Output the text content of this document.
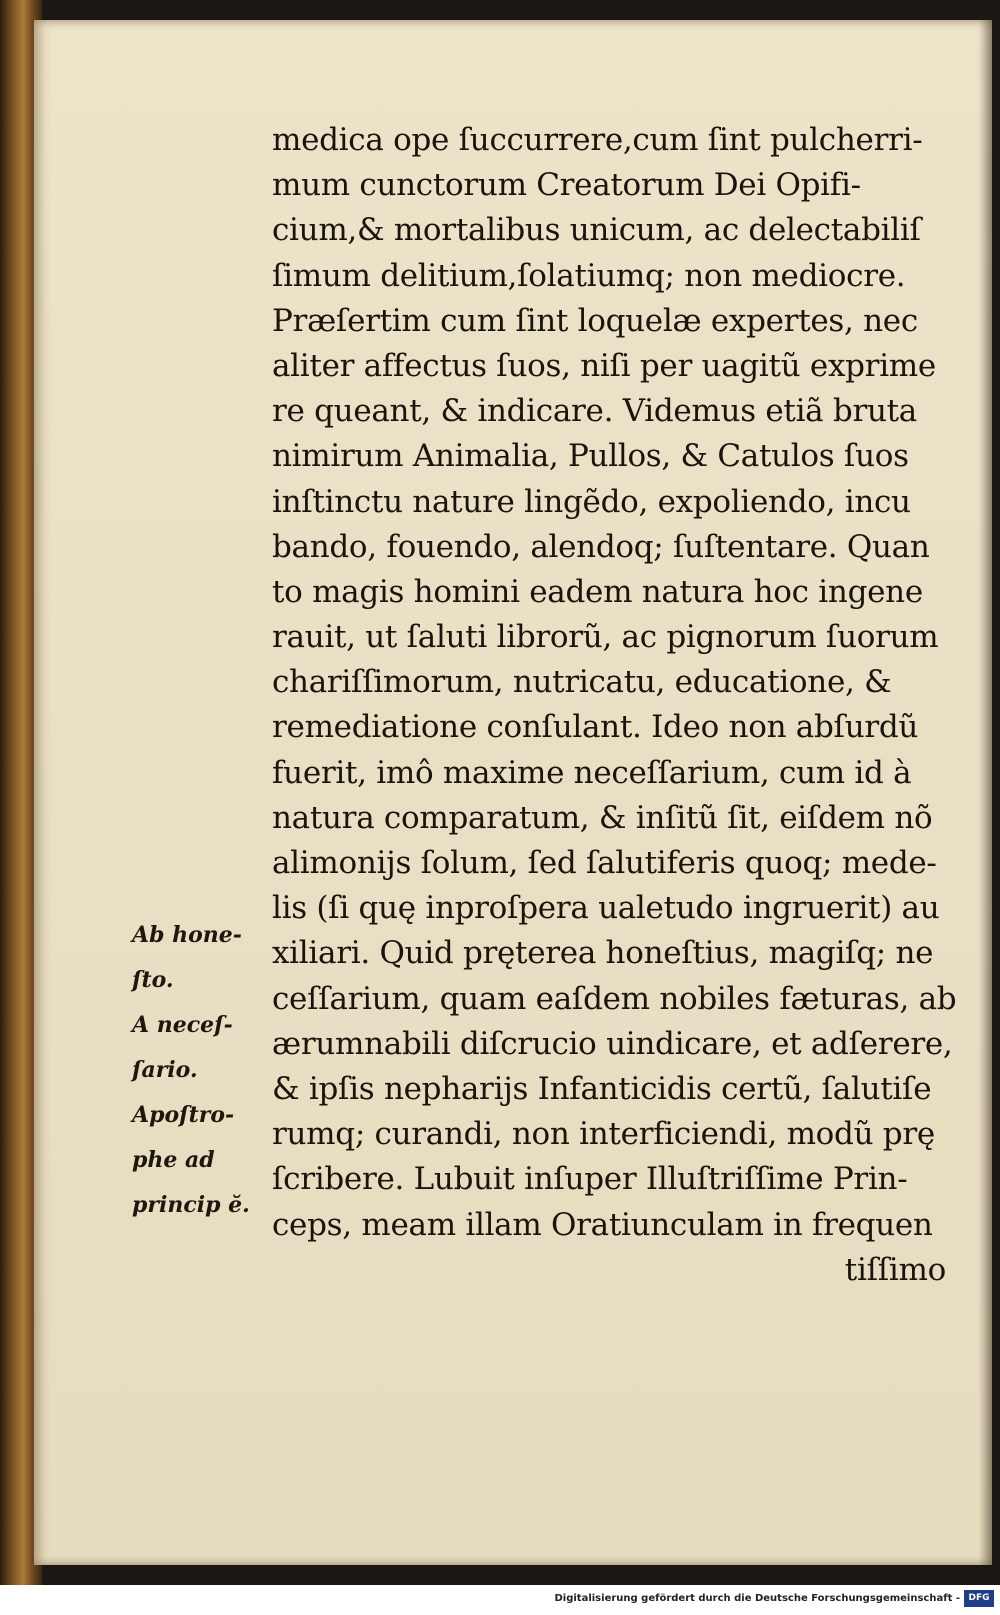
medica ope ſuccurrere,cum ſint pulcherri-
mum cunctorum Creatorum Dei Opifi-
cium,& mortalibus unicum, ac delectabiliſ
ſimum delitium,ſolatiumq; non mediocre.
Præſertim cum ſint loquelæ expertes, nec
aliter affectus ſuos, niſi per uagitũ exprime
re queant, & indicare. Videmus etiã bruta
nimirum Animalia, Pullos, & Catulos ſuos
inſtinctu nature lingẽdo, expoliendo, incu
bando, fouendo, alendoq; ſuſtentare. Quan
to magis homini eadem natura hoc ingene
rauit, ut ſaluti librorũ, ac pignorum ſuorum
chariſſimorum, nutricatu, educatione, &
remediatione conſulant. Ideo non abſurdũ
fuerit, imô maxime neceſſarium, cum id à
natura comparatum, & inſitũ ſit, eiſdem nõ
alimonijs ſolum, ſed ſalutiferis quoq; mede-
lis (ſi quę inproſpera ualetudo ingruerit) au
xiliari. Quid pręterea honeſtius, magiſq; ne
ceſſarium, quam eaſdem nobiles fæturas, ab
ærumnabili diſcrucio uindicare, et adſerere,
& ipſis nepharijs Infanticidis certũ, ſalutiſe
rumq; curandi, non interficiendi, modũ prę
ſcribere. Lubuit inſuper Illuſtriſſime Prin-
ceps, meam illam Oratiunculam in frequen
tiſſimo
Ab hone-
ſto.
A neceſ-
ſario.
Apoſtro-
phe ad
princip ĕ.
Digitalisierung gefördert durch die Deutsche Forschungsgemeinschaft - DFG
